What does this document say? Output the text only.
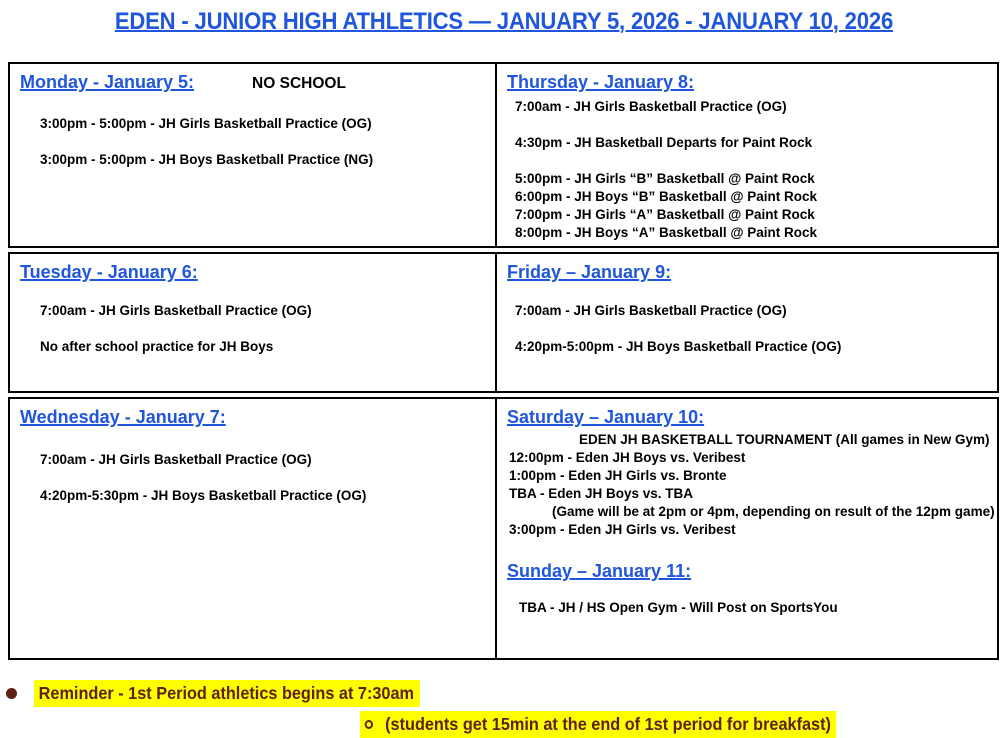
EDEN - JUNIOR HIGH ATHLETICS — JANUARY 5, 2026 - JANUARY 10, 2026
Monday - January 5:	NO SCHOOL

3:00pm - 5:00pm - JH Girls Basketball Practice (OG)

3:00pm - 5:00pm - JH Boys Basketball Practice (NG)

Thursday - January 8:

7:00am - JH Girls Basketball Practice (OG)

4:30pm - JH Basketball Departs for Paint Rock

5:00pm - JH Girls “B” Basketball @ Paint Rock

6:00pm - JH Boys “B” Basketball @ Paint Rock

7:00pm - JH Girls “A” Basketball @ Paint Rock

8:00pm - JH Boys “A” Basketball @ Paint Rock

Tuesday - January 6:

7:00am - JH Girls Basketball Practice (OG)

No after school practice for JH Boys

Friday – January 9:

7:00am - JH Girls Basketball Practice (OG)

4:20pm-5:00pm - JH Boys Basketball Practice (OG)

Wednesday - January 7:

7:00am - JH Girls Basketball Practice (OG)

4:20pm-5:30pm - JH Boys Basketball Practice (OG)

Saturday – January 10:

EDEN JH BASKETBALL TOURNAMENT (All games in New Gym)

12:00pm - Eden JH Boys vs. Veribest

1:00pm - Eden JH Girls vs. Bronte

TBA - Eden JH Boys vs. TBA

(Game will be at 2pm or 4pm, depending on result of the 12pm game)

3:00pm - Eden JH Girls vs. Veribest

Sunday – January 11:

TBA - JH / HS Open Gym - Will Post on SportsYou

Reminder - 1st Period athletics begins at 7:30am
(students get 15min at the end of 1st period for breakfast)
